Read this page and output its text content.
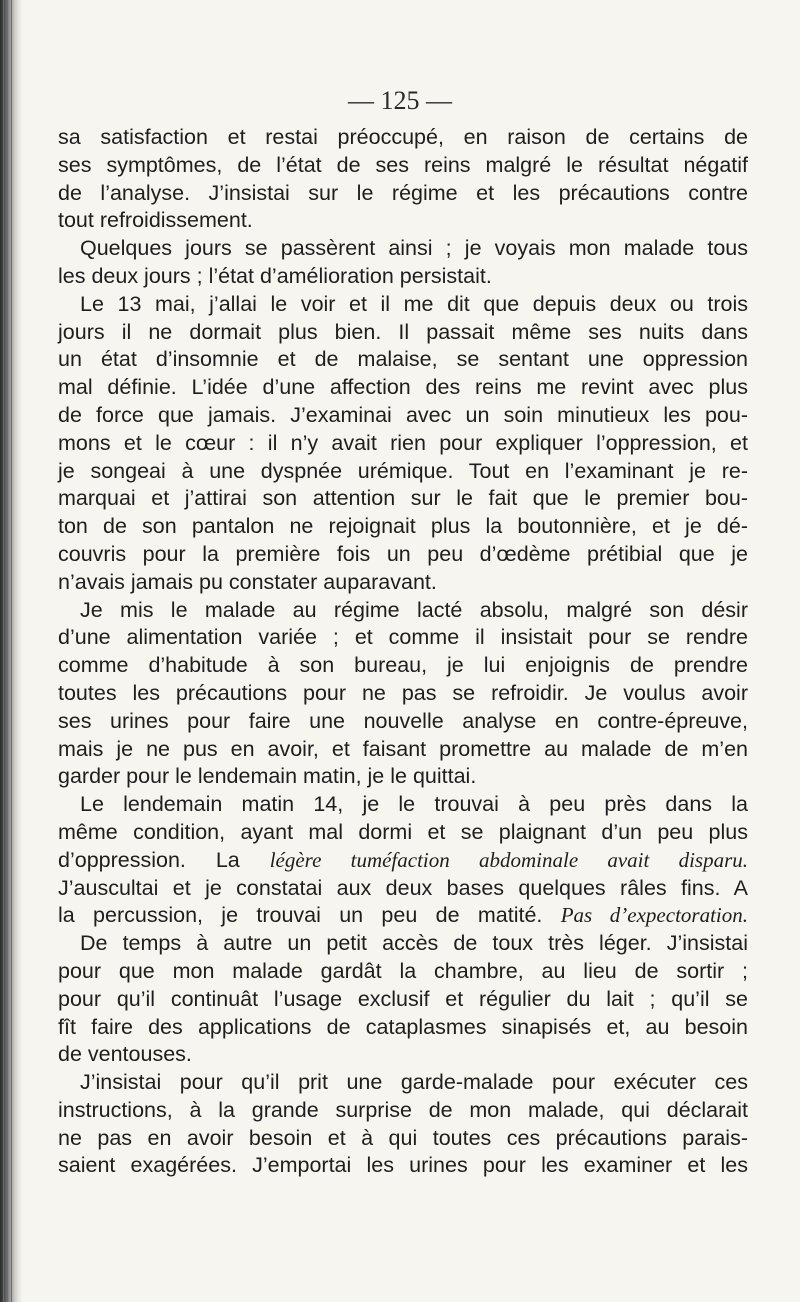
— 125 —

sa satisfaction et restai préoccupé, en raison de certains de
ses symptômes, de l’état de ses reins malgré le résultat négatif
de l’analyse. J’insistai sur le régime et les précautions contre
tout refroidissement.
Quelques jours se passèrent ainsi ; je voyais mon malade tous
les deux jours ; l’état d’amélioration persistait.
Le 13 mai, j’allai le voir et il me dit que depuis deux ou trois
jours il ne dormait plus bien. Il passait même ses nuits dans
un état d’insomnie et de malaise, se sentant une oppression
mal définie. L’idée d’une affection des reins me revint avec plus
de force que jamais. J’examinai avec un soin minutieux les pou-
mons et le cœur : il n’y avait rien pour expliquer l’oppression, et
je songeai à une dyspnée urémique. Tout en l’examinant je re-
marquai et j’attirai son attention sur le fait que le premier bou-
ton de son pantalon ne rejoignait plus la boutonnière, et je dé-
couvris pour la première fois un peu d’œdème prétibial que je
n’avais jamais pu constater auparavant.
Je mis le malade au régime lacté absolu, malgré son désir
d’une alimentation variée ; et comme il insistait pour se rendre
comme d’habitude à son bureau, je lui enjoignis de prendre
toutes les précautions pour ne pas se refroidir. Je voulus avoir
ses urines pour faire une nouvelle analyse en contre-épreuve,
mais je ne pus en avoir, et faisant promettre au malade de m’en
garder pour le lendemain matin, je le quittai.
Le lendemain matin 14, je le trouvai à peu près dans la
même condition, ayant mal dormi et se plaignant d’un peu plus
d’oppression. La légère tuméfaction abdominale avait disparu.
J’auscultai et je constatai aux deux bases quelques râles fins. A
la percussion, je trouvai un peu de matité. Pas d’expectoration.
De temps à autre un petit accès de toux très léger. J’insistai
pour que mon malade gardât la chambre, au lieu de sortir ;
pour qu’il continuât l’usage exclusif et régulier du lait ; qu’il se
fît faire des applications de cataplasmes sinapisés et, au besoin
de ventouses.
J’insistai pour qu’il prit une garde-malade pour exécuter ces
instructions, à la grande surprise de mon malade, qui déclarait
ne pas en avoir besoin et à qui toutes ces précautions parais-
saient exagérées. J’emportai les urines pour les examiner et les
